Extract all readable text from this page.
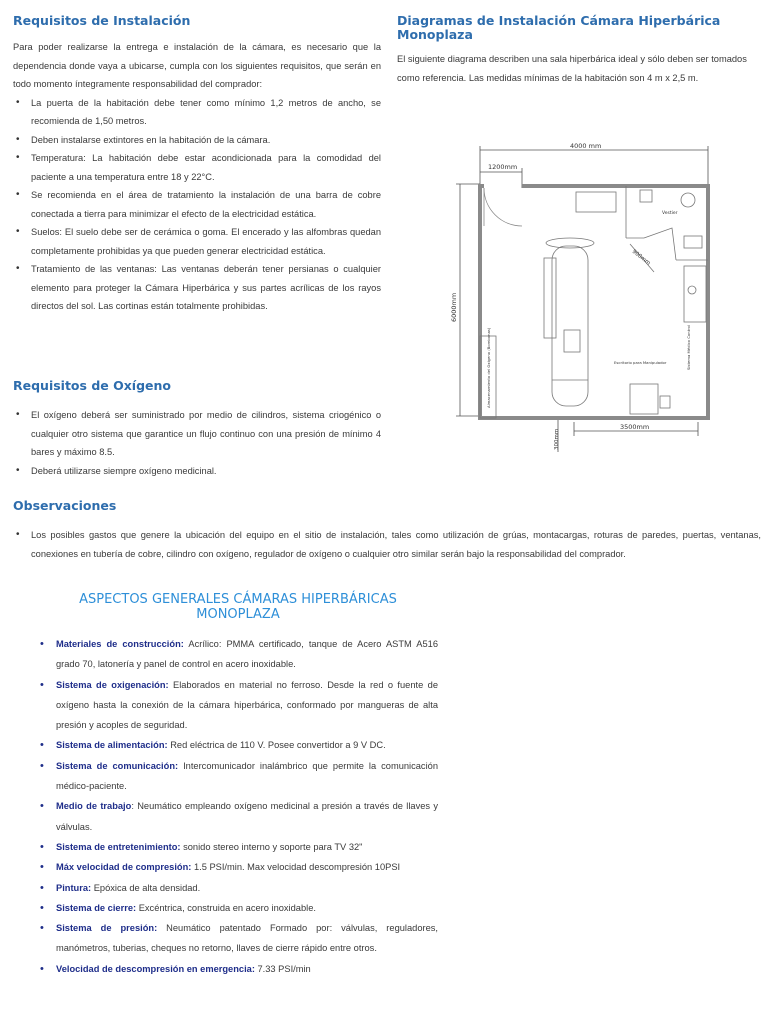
Requisitos de Instalación

Para poder realizarse la entrega e instalación de la cámara, es necesario que la dependencia donde vaya a ubicarse, cumpla con los siguientes requisitos, que serán en todo momento íntegramente responsabilidad del comprador:

• La puerta de la habitación debe tener como mínimo 1,2 metros de ancho, se recomienda de 1,50 metros.
• Deben instalarse extintores en la habitación de la cámara.
• Temperatura: La habitación debe estar acondicionada para la comodidad del paciente a una temperatura entre 18 y 22°C.
• Se recomienda en el área de tratamiento la instalación de una barra de cobre conectada a tierra para minimizar el efecto de la electricidad estática.
• Suelos: El suelo debe ser de cerámica o goma. El encerado y las alfombras quedan completamente prohibidas ya que pueden generar electricidad estática.
• Tratamiento de las ventanas: Las ventanas deberán tener persianas o cualquier elemento para proteger la Cámara Hiperbárica y sus partes acrílicas de los rayos directos del sol. Las cortinas están totalmente prohibidas.
Diagramas de Instalación Cámara Hiperbárica Monoplaza

El siguiente diagrama describen una sala hiperbárica ideal y sólo deben ser tomados como referencia. Las medidas mínimas de la habitación son 4 m x 2,5 m.

4000 mm
1200mm
6000mm
3500mm
300mm
900mm
Vestier
Escritorio para Manipulador
Almacenamiento del Oxígeno (Bombonas)	Sistema Médico Control
Requisitos de Oxígeno
• El oxígeno deberá ser suministrado por medio de cilindros, sistema criogénico o cualquier otro sistema que garantice un flujo continuo con una presión de mínimo 4 bares y máximo 8.5.
• Deberá utilizarse siempre oxígeno medicinal.
Observaciones
• Los posibles gastos que genere la ubicación del equipo en el sitio de instalación, tales como utilización de grúas, montacargas, roturas de paredes, puertas, ventanas, conexiones en tubería de cobre, cilindro con oxígeno, regulador de oxígeno o cualquier otro similar serán bajo la responsabilidad del comprador.
ASPECTOS GENERALES CÁMARAS HIPERBÁRICAS MONOPLAZA
• Materiales de construcción: Acrílico: PMMA certificado, tanque de Acero ASTM A516 grado 70, latonería y panel de control en acero inoxidable.
• Sistema de oxigenación: Elaborados en material no ferroso. Desde la red o fuente de oxígeno hasta la conexión de la cámara hiperbárica, conformado por mangueras de alta presión y acoples de seguridad.
• Sistema de alimentación: Red eléctrica de 110 V. Posee convertidor a 9 V DC.
• Sistema de comunicación: Intercomunicador inalámbrico que permite la comunicación médico-paciente.
• Medio de trabajo: Neumático empleando oxígeno medicinal a presión a través de llaves y válvulas.
• Sistema de entretenimiento: sonido stereo interno y soporte para TV 32"
• Máx velocidad de compresión: 1.5 PSI/min. Max velocidad descompresión 10PSI
• Pintura: Epóxica de alta densidad.
• Sistema de cierre: Excéntrica, construida en acero inoxidable.
• Sistema de presión: Neumático patentado Formado por: válvulas, reguladores, manómetros, tuberias, cheques no retorno, llaves de cierre rápido entre otros.
• Velocidad de descompresión en emergencia: 7.33 PSI/min
